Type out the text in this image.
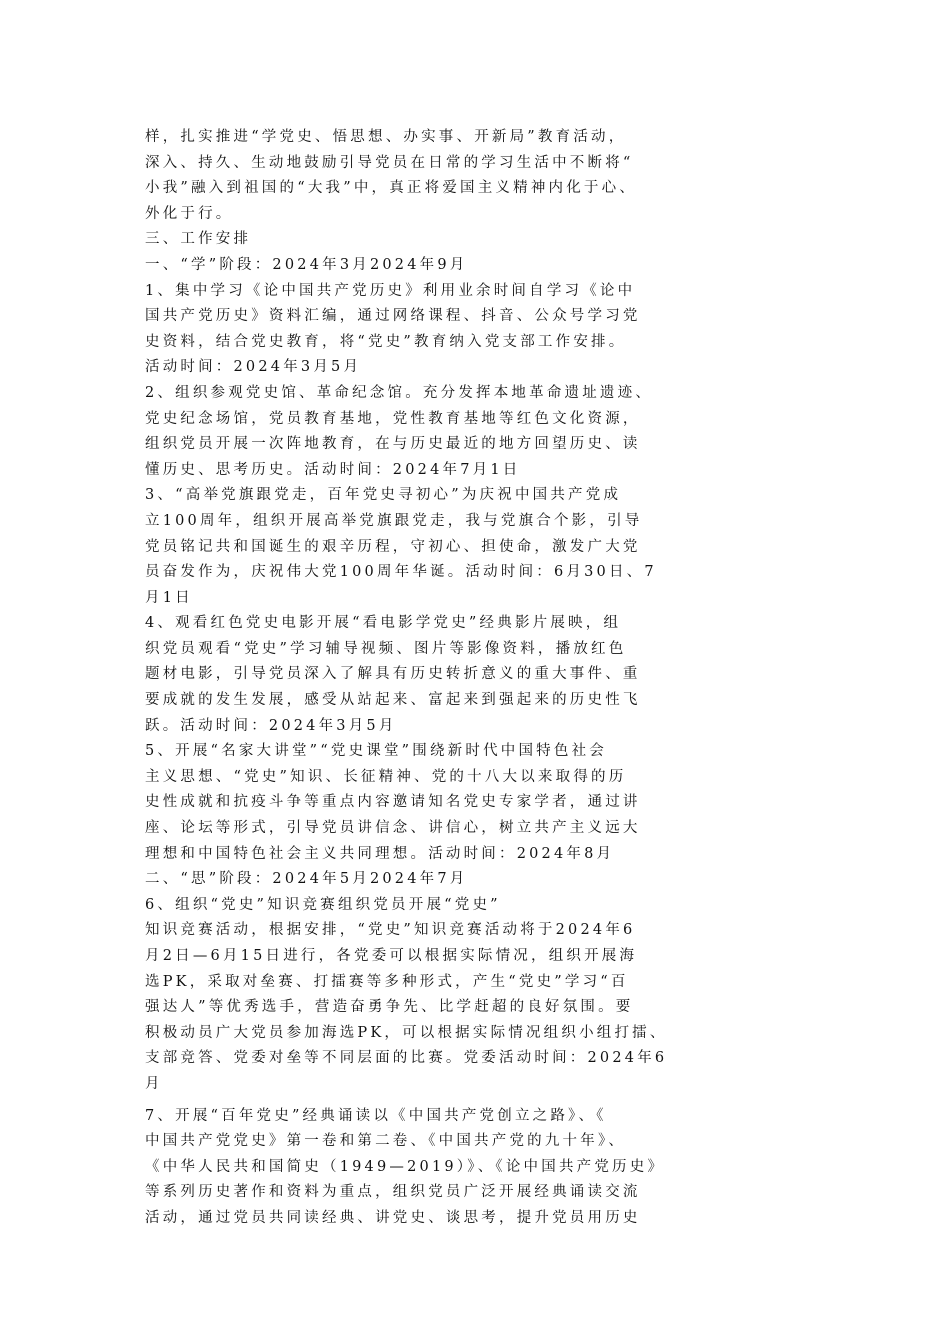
样，扎实推进“学党史、悟思想、办实事、开新局”教育活动，
深入、持久、生动地鼓励引导党员在日常的学习生活中不断将“
小我”融入到祖国的“大我”中，真正将爱国主义精神内化于心、
外化于行。
三、工作安排
一、“学”阶段：2024年3月2024年9月
1、集中学习《论中国共产党历史》利用业余时间自学习《论中
国共产党历史》资料汇编，通过网络课程、抖音、公众号学习党
史资料，结合党史教育，将“党史”教育纳入党支部工作安排。
活动时间：2024年3月5月
2、组织参观党史馆、革命纪念馆。充分发挥本地革命遗址遗迹、
党史纪念场馆，党员教育基地，党性教育基地等红色文化资源，
组织党员开展一次阵地教育，在与历史最近的地方回望历史、读
懂历史、思考历史。活动时间：2024年7月1日
3、“高举党旗跟党走，百年党史寻初心”为庆祝中国共产党成
立100周年，组织开展高举党旗跟党走，我与党旗合个影，引导
党员铭记共和国诞生的艰辛历程，守初心、担使命，激发广大党
员奋发作为，庆祝伟大党100周年华诞。活动时间：6月30日、7
月1日
4、观看红色党史电影开展“看电影学党史”经典影片展映，组
织党员观看“党史”学习辅导视频、图片等影像资料，播放红色
题材电影，引导党员深入了解具有历史转折意义的重大事件、重
要成就的发生发展，感受从站起来、富起来到强起来的历史性飞
跃。活动时间：2024年3月5月
5、开展“名家大讲堂”“党史课堂”围绕新时代中国特色社会
主义思想、“党史”知识、长征精神、党的十八大以来取得的历
史性成就和抗疫斗争等重点内容邀请知名党史专家学者，通过讲
座、论坛等形式，引导党员讲信念、讲信心，树立共产主义远大
理想和中国特色社会主义共同理想。活动时间：2024年8月
二、“思”阶段：2024年5月2024年7月
6、组织“党史”知识竞赛组织党员开展“党史”
知识竞赛活动，根据安排，“党史”知识竞赛活动将于2024年6
月2日—6月15日进行，各党委可以根据实际情况，组织开展海
选PK，采取对垒赛、打擂赛等多种形式，产生“党史”学习“百
强达人”等优秀选手，营造奋勇争先、比学赶超的良好氛围。要
积极动员广大党员参加海选PK，可以根据实际情况组织小组打擂、
支部竞答、党委对垒等不同层面的比赛。党委活动时间：2024年6
月
7、开展“百年党史”经典诵读以《中国共产党创立之路》、《
中国共产党党史》第一卷和第二卷、《中国共产党的九十年》、
《中华人民共和国简史（1949—2019）》、《论中国共产党历史》
等系列历史著作和资料为重点，组织党员广泛开展经典诵读交流
活动，通过党员共同读经典、讲党史、谈思考，提升党员用历史
